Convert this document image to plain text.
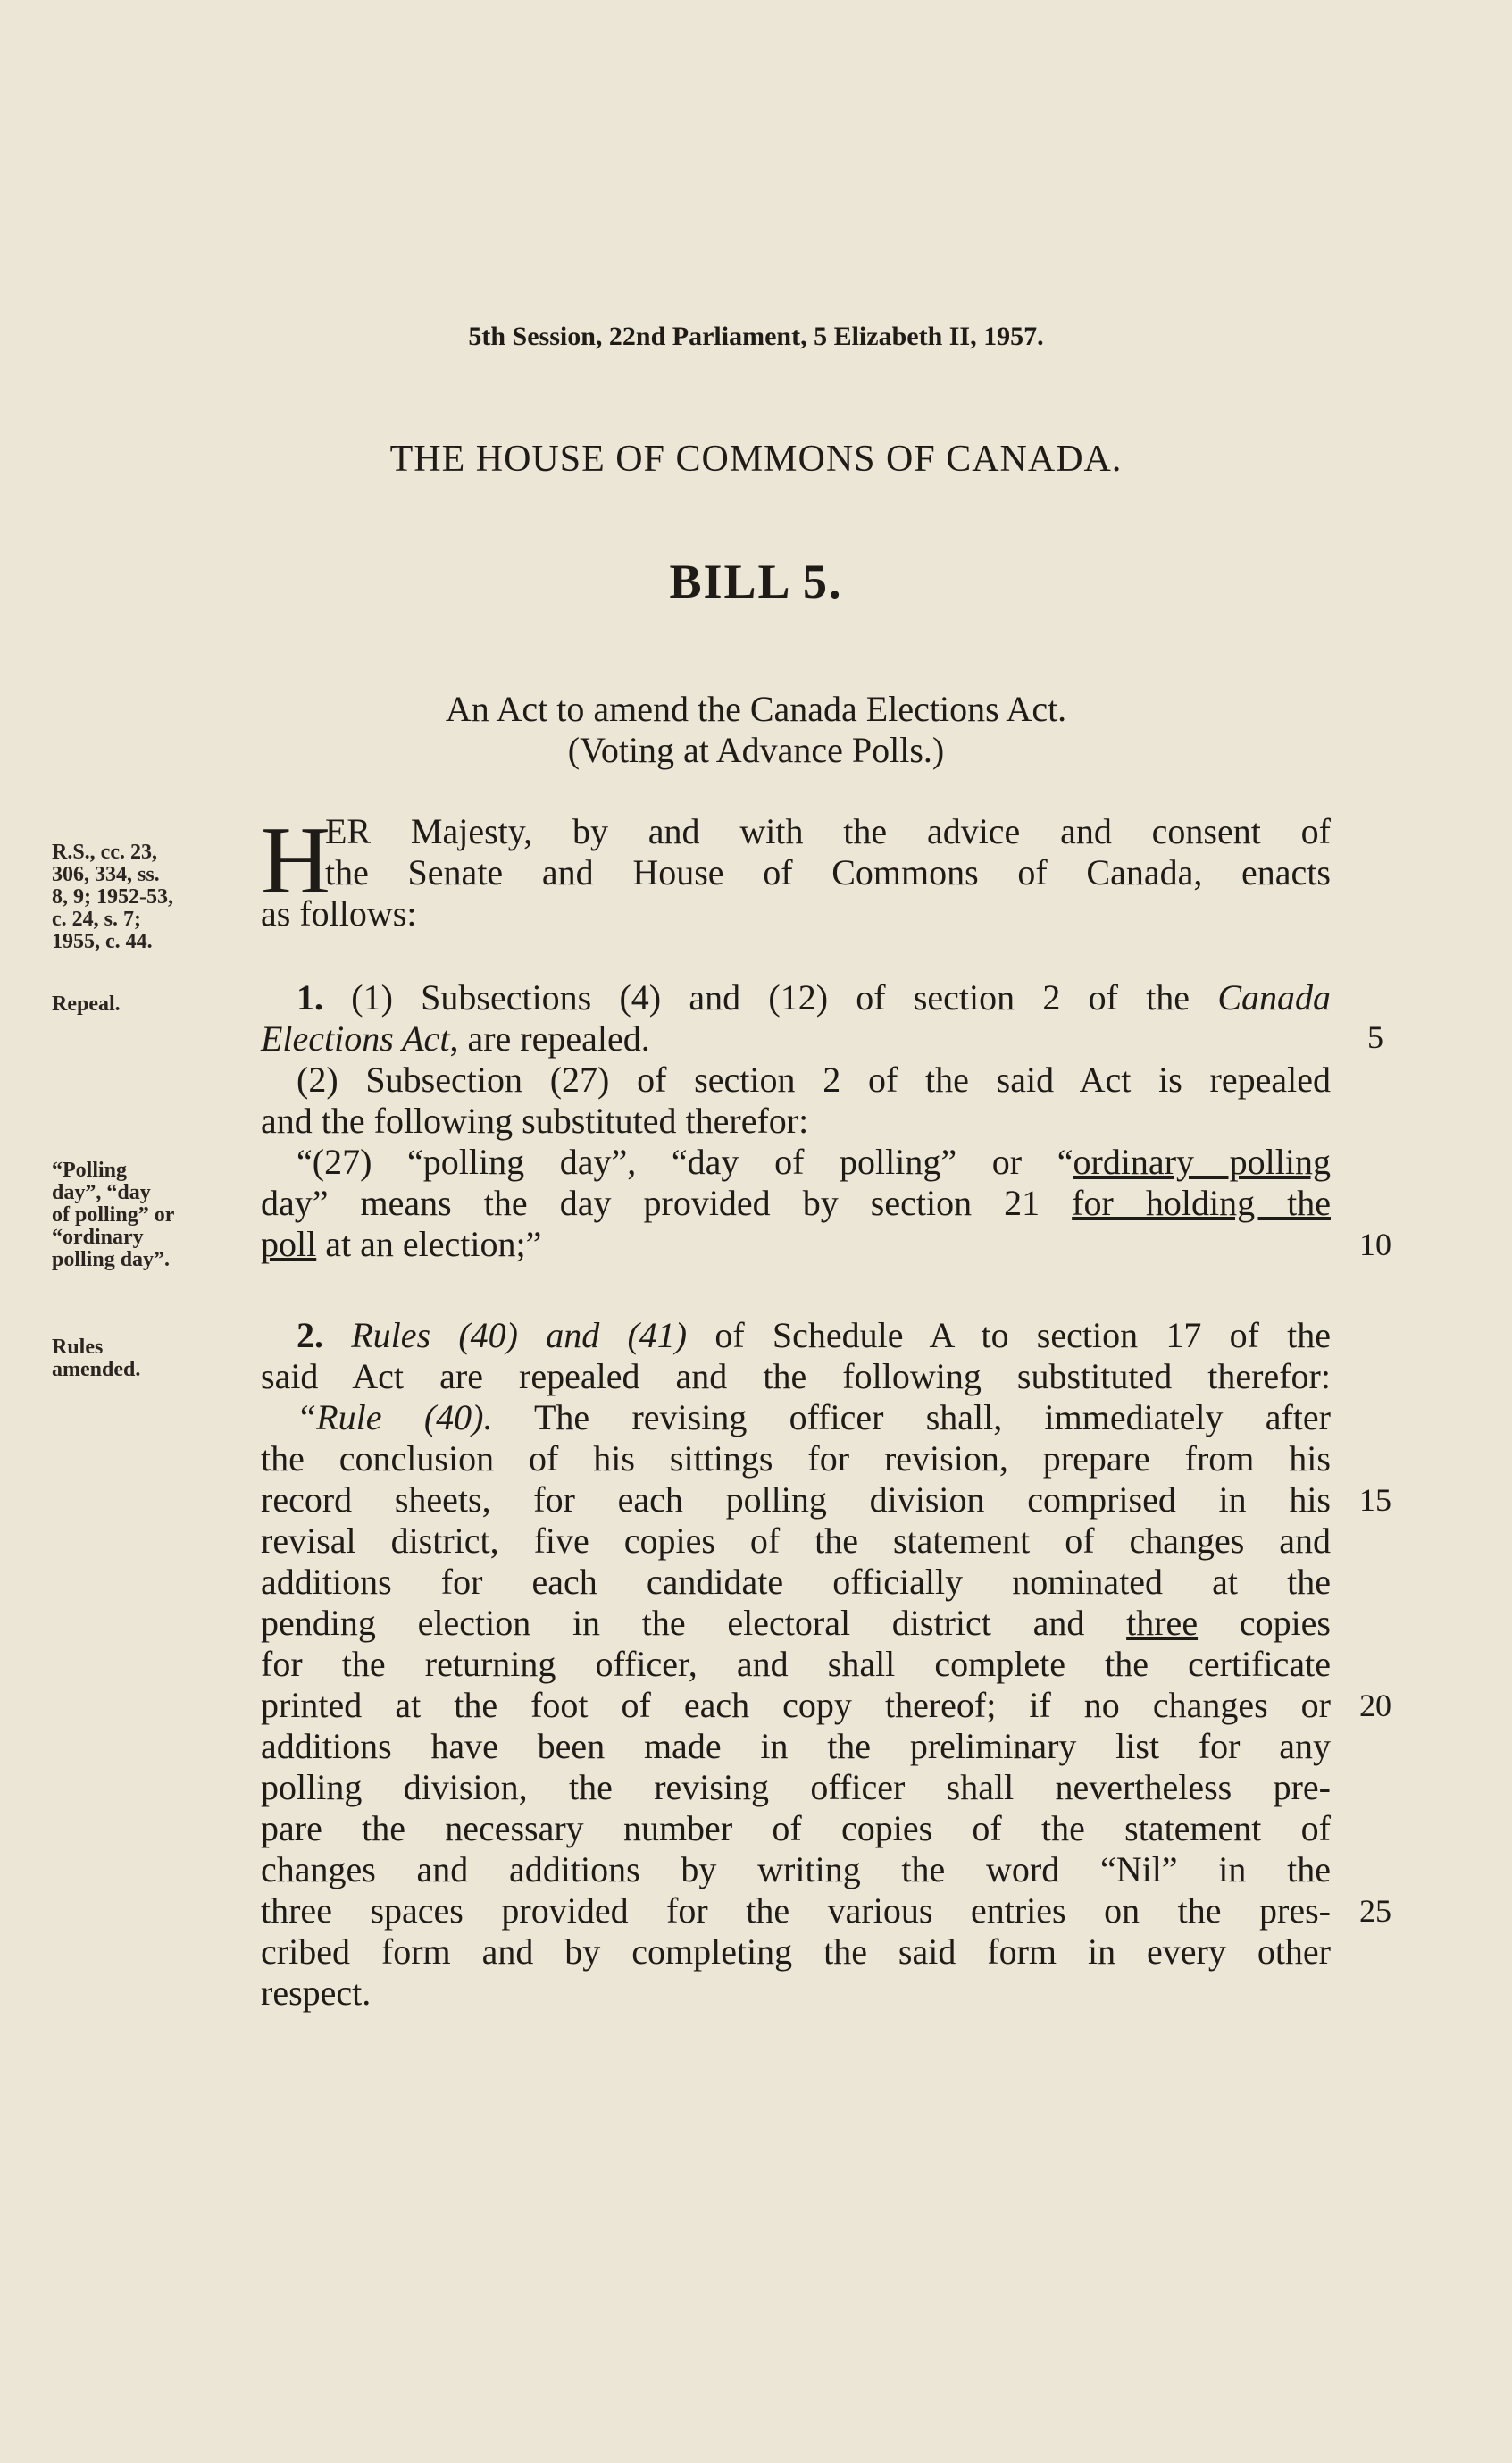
5th Session, 22nd Parliament, 5 Elizabeth II, 1957.
THE HOUSE OF COMMONS OF CANADA.
BILL 5.
An Act to amend the Canada Elections Act.
(Voting at Advance Polls.)
R.S., cc. 23,
306, 334, ss.
8, 9; 1952-53,
c. 24, s. 7;
1955, c. 44.
Repeal.
“Polling
day”, “day
of polling” or
“ordinary
polling day”.
Rules
amended.
H
ER Majesty, by and with the advice and consent of
the Senate and House of Commons of Canada, enacts
as follows:
1. (1) Subsections (4) and (12) of section 2 of the Canada
Elections Act, are repealed.
(2) Subsection (27) of section 2 of the said Act is repealed
and the following substituted therefor:
“(27) “polling day”, “day of polling” or “ordinary polling
day” means the day provided by section 21 for holding the
poll at an election;”
2. Rules (40) and (41) of Schedule A to section 17 of the
said Act are repealed and the following substituted therefor:
“Rule (40). The revising officer shall, immediately after
the conclusion of his sittings for revision, prepare from his
record sheets, for each polling division comprised in his
revisal district, five copies of the statement of changes and
additions for each candidate officially nominated at the
pending election in the electoral district and three copies
for the returning officer, and shall complete the certificate
printed at the foot of each copy thereof; if no changes or
additions have been made in the preliminary list for any
polling division, the revising officer shall nevertheless pre-
pare the necessary number of copies of the statement of
changes and additions by writing the word “Nil” in the
three spaces provided for the various entries on the pres-
cribed form and by completing the said form in every other
respect.
5
10
15
20
25
